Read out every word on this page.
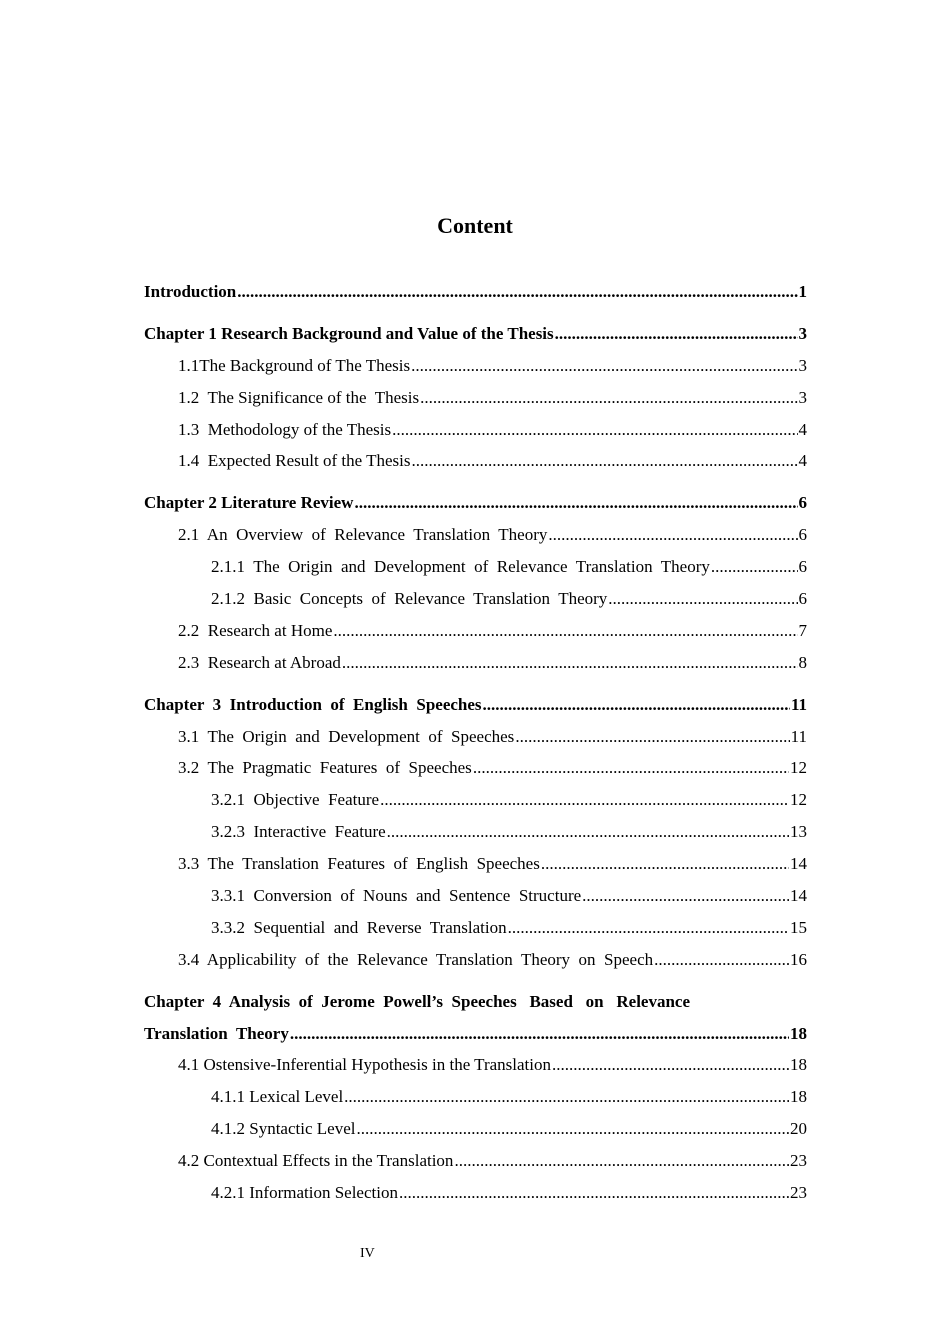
Content
Introduction .....	1
Chapter 1 Research Background and Value of the Thesis .....	3
1.1The Background of The Thesis .....	3
1.2  The Significance of the  Thesis .....	3
1.3  Methodology of the Thesis .....	4
1.4  Expected Result of the Thesis .....	4
Chapter 2 Literature Review .....	6
2.1  An  Overview  of  Relevance  Translation  Theory .....	6
2.1.1  The  Origin  and  Development  of  Relevance  Translation  Theory .....	6
2.1.2  Basic  Concepts  of  Relevance  Translation  Theory .....	6
2.2  Research at Home .....	7
2.3  Research at Abroad .....	8
Chapter  3  Introduction  of  English  Speeches .....	11
3.1  The  Origin  and  Development  of  Speeches .....	11
3.2  The  Pragmatic  Features  of  Speeches .....	12
3.2.1  Objective  Feature .....	12
3.2.3  Interactive  Feature .....	13
3.3  The  Translation  Features  of  English  Speeches .....	14
3.3.1  Conversion  of  Nouns  and  Sentence  Structure .....	14
3.3.2  Sequential  and  Reverse  Translation .....	15
3.4  Applicability  of  the  Relevance  Translation  Theory  on  Speech .....	16
Chapter  4  Analysis  of  Jerome  Powell’s  Speeches   Based   on   Relevance
Translation  Theory .....	18
4.1 Ostensive-Inferential Hypothesis in the Translation .....	18
4.1.1 Lexical Level .....	18
4.1.2 Syntactic Level .....	20
4.2 Contextual Effects in the Translation .....	23
4.2.1 Information Selection .....	23
IV
